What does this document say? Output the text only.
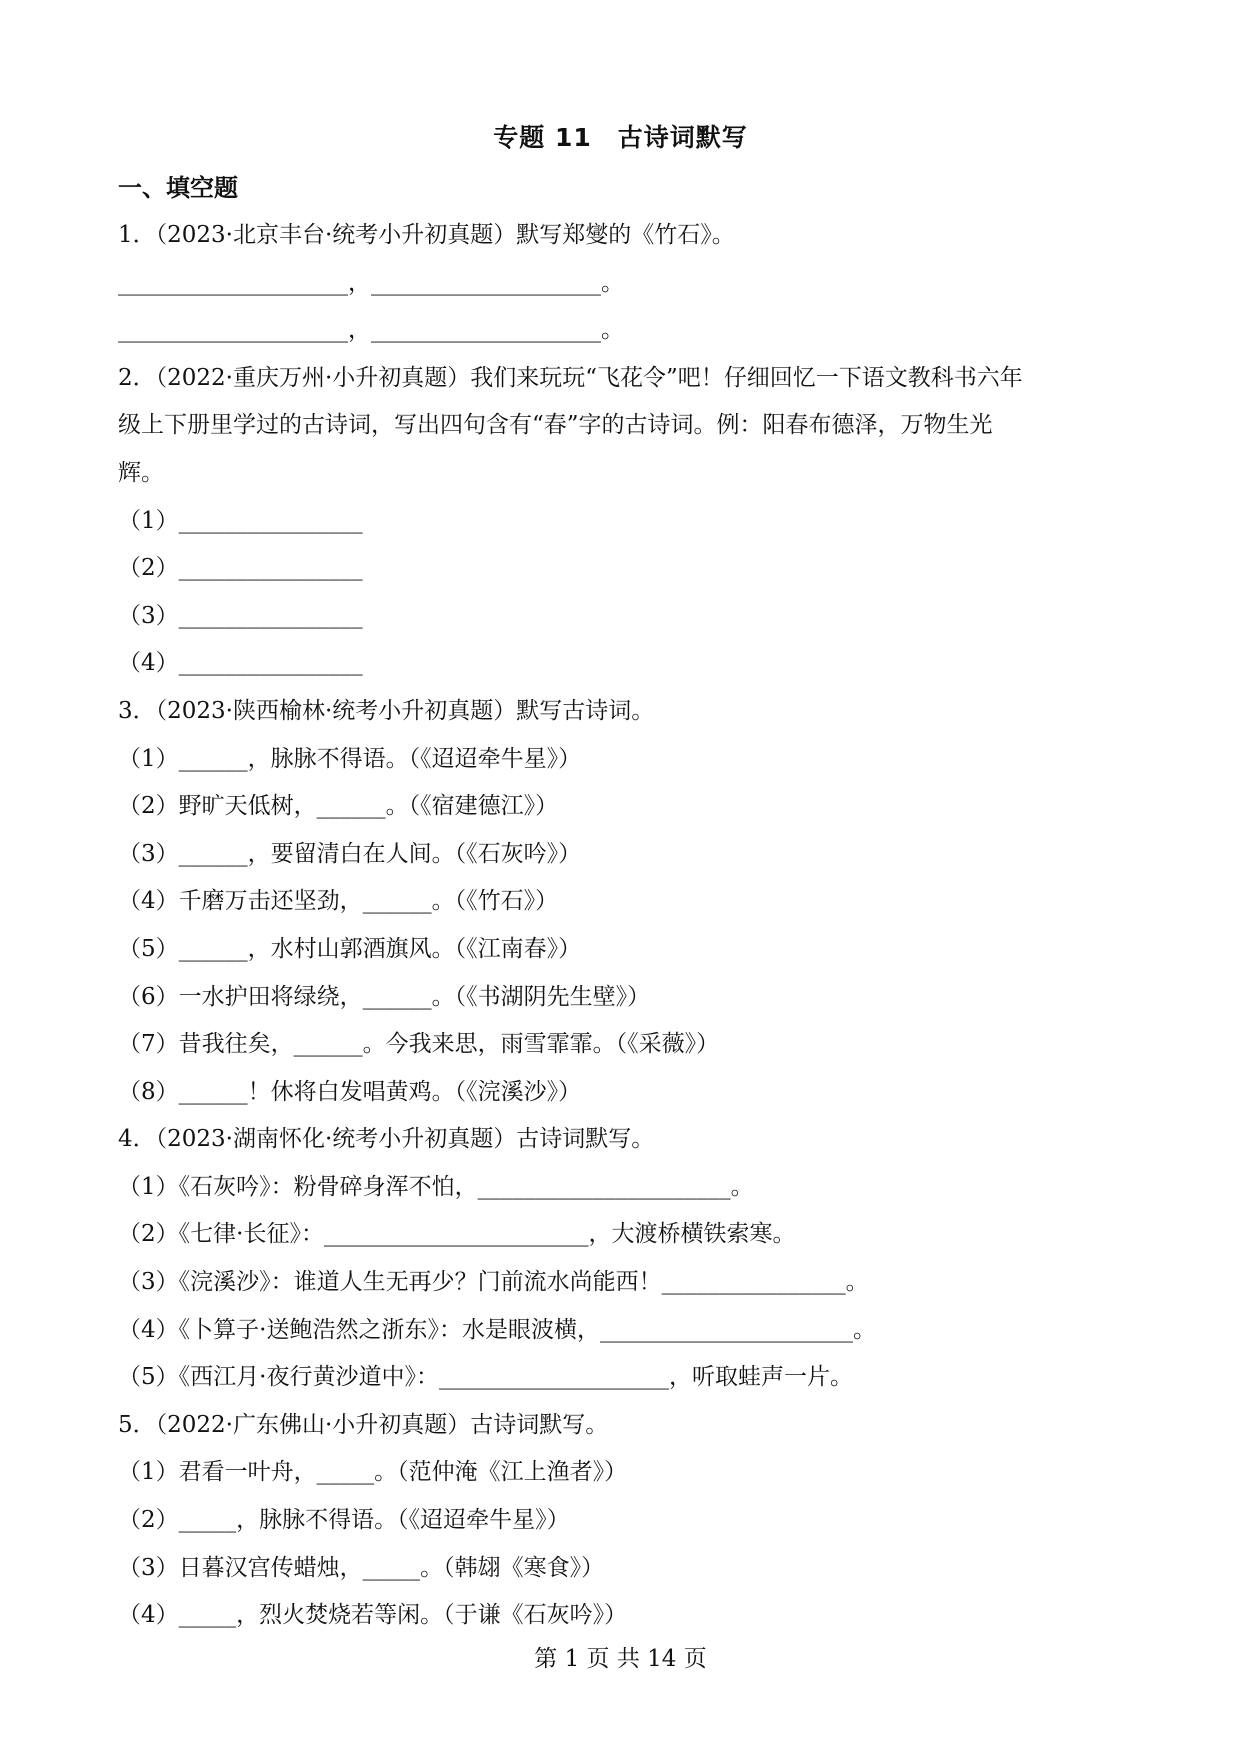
专题 11　古诗词默写
一、填空题
1．（2023·北京丰台·统考小升初真题）默写郑燮的《竹石》。
____________________，____________________。
____________________，____________________。
2．（2022·重庆万州·小升初真题）我们来玩玩“飞花令”吧！仔细回忆一下语文教科书六年
级上下册里学过的古诗词，写出四句含有“春”字的古诗词。例：阳春布德泽，万物生光
辉。
（1）________________
（2）________________
（3）________________
（4）________________
3．（2023·陕西榆林·统考小升初真题）默写古诗词。
（1）______，脉脉不得语。（《迢迢牵牛星》）
（2）野旷天低树，______。（《宿建德江》）
（3）______，要留清白在人间。（《石灰吟》）
（4）千磨万击还坚劲，______。（《竹石》）
（5）______，水村山郭酒旗风。（《江南春》）
（6）一水护田将绿绕，______。（《书湖阴先生壁》）
（7）昔我往矣，______。今我来思，雨雪霏霏。（《采薇》）
（8）______！休将白发唱黄鸡。（《浣溪沙》）
4．（2023·湖南怀化·统考小升初真题）古诗词默写。
（1）《石灰吟》：粉骨碎身浑不怕，______________________。
（2）《七律·长征》：_______________________，大渡桥横铁索寒。
（3）《浣溪沙》：谁道人生无再少？门前流水尚能西！________________。
（4）《卜算子·送鲍浩然之浙东》：水是眼波横，______________________。
（5）《西江月·夜行黄沙道中》：____________________，听取蛙声一片。
5．（2022·广东佛山·小升初真题）古诗词默写。
（1）君看一叶舟，_____。（范仲淹《江上渔者》）
（2）_____，脉脉不得语。（《迢迢牵牛星》）
（3）日暮汉宫传蜡烛，_____。（韩翃《寒食》）
（4）_____，烈火焚烧若等闲。（于谦《石灰吟》）
第 1 页 共 14 页
